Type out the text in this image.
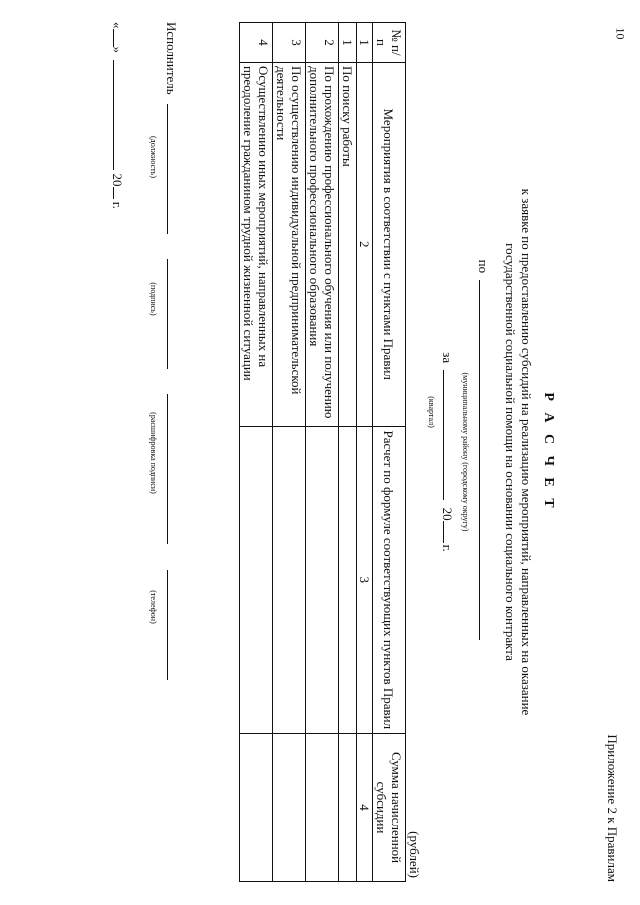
10
Приложение 2 к Правилам
Р А С Ч Е Т
к заявке по предоставлению субсидий на реализацию мероприятий, направленных на оказание
государственной социальной помощи на основании социального контракта
по
(муниципальному району (городскому округу)
за  20г.
(квартал)
(рублей)
№ п/п	Мероприятия в соответствии с пунктами Правил	Расчет по формуле соответствующих пунктов Правил	Сумма начисленной субсидии
1	2	3	4
1	По поиску работы		
2	По прохождению профессионального обучения или получению дополнительного профессионального образования		
3	По осуществлению индивидуальной предпринимательской деятельности		
4	Осуществлению иных мероприятий, направленных на преодоление гражданином трудной жизненной ситуации		
Исполнитель
(должность)
(подпись)
(расшифровка подписи)
(телефон)
«»  20 г.
